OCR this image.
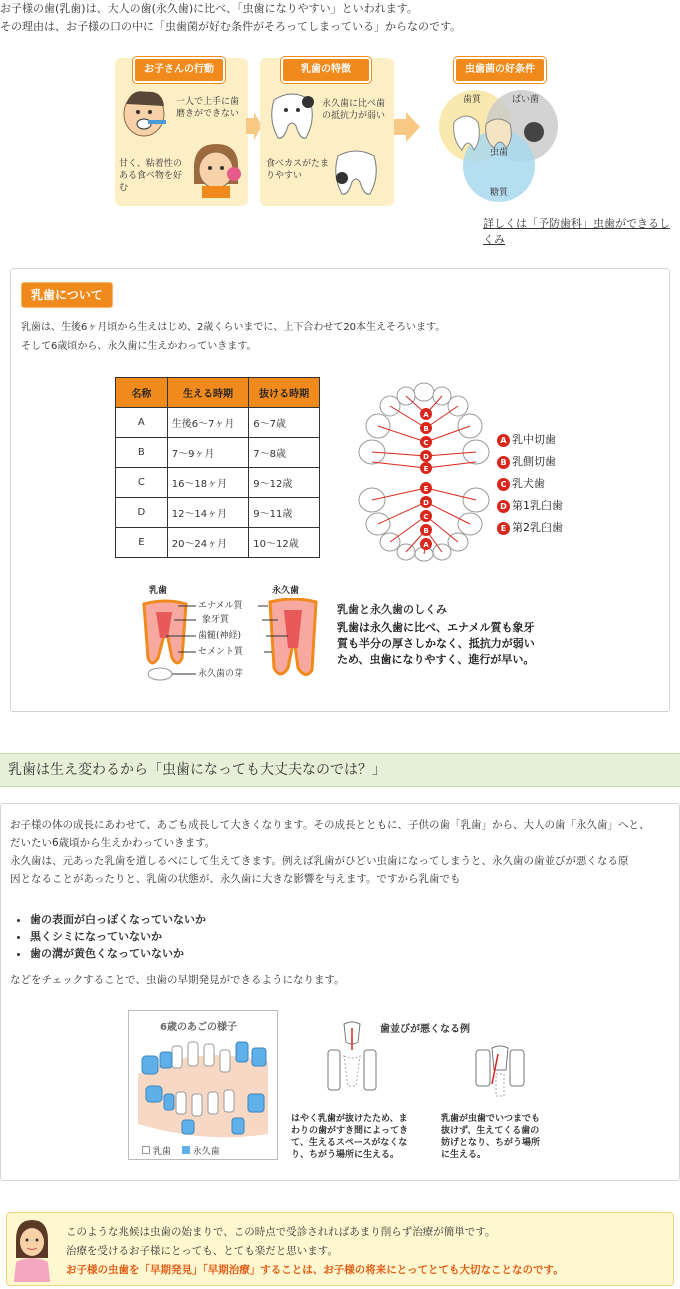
お子様の歯(乳歯)は、大人の歯(永久歯)に比べ、「虫歯になりやすい」といわれます。
その理由は、お子様の口の中に「虫歯菌が好む条件がそろってしまっている」からなのです。
お子さんの行動
一人で上手に歯磨きができない
甘く、粘着性のある食べ物を好む
乳歯の特徴
永久歯に比べ歯の抵抗力が弱い
食べカスがたまりやすい
虫歯菌の好条件
歯質	ばい菌
虫歯
糖質
詳しくは「予防歯科」虫歯ができるしくみ
乳歯について
乳歯は、生後6ヶ月頃から生えはじめ、2歳くらいまでに、上下合わせて20本生えそろいます。
そして6歳頃から、永久歯に生えかわっていきます。
名称	生える時期	抜ける時期
A	生後6〜7ヶ月	6〜7歳
B	7〜9ヶ月	7〜8歳
C	16〜18ヶ月	9〜12歳
D	12〜14ヶ月	9〜11歳
E	20〜24ヶ月	10〜12歳
A
B
C
D
E
E
D
C
B
A
A 乳中切歯
B 乳側切歯
C 乳犬歯
D 第1乳臼歯
E 第2乳臼歯
乳歯	永久歯
エナメル質
象牙質
歯髄(神経)
セメント質
永久歯の芽
乳歯と永久歯のしくみ
乳歯は永久歯に比べ、エナメル質も象牙
質も半分の厚さしかなく、抵抗力が弱い
ため、虫歯になりやすく、進行が早い。
乳歯は生え変わるから「虫歯になっても大丈夫なのでは？」
お子様の体の成長にあわせて、あごも成長して大きくなります。その成長とともに、子供の歯「乳歯」から、大人の歯「永久歯」へと、
だいたい6歳頃から生えかわっていきます。
永久歯は、元あった乳歯を道しるべにして生えてきます。例えば乳歯がひどい虫歯になってしまうと、永久歯の歯並びが悪くなる原
因となることがあったりと、乳歯の状態が、永久歯に大きな影響を与えます。ですから乳歯でも
• 歯の表面が白っぽくなっていないか
• 黒くシミになっていないか
• 歯の溝が黄色くなっていないか
などをチェックすることで、虫歯の早期発見ができるようになります。
6歳のあごの様子
乳歯 永久歯
歯並びが悪くなる例
はやく乳歯が抜けたため、ま
わりの歯がすき間によってき
て、生えるスペースがなくな
り、ちがう場所に生える。
乳歯が虫歯でいつまでも
抜けず、生えてくる歯の
妨げとなり、ちがう場所
に生える。
このような兆候は虫歯の始まりで、この時点で受診されればあまり削らず治療が簡単です。
治療を受けるお子様にとっても、とても楽だと思います。
お子様の虫歯を「早期発見」「早期治療」することは、お子様の将来にとってとても大切なことなのです。
